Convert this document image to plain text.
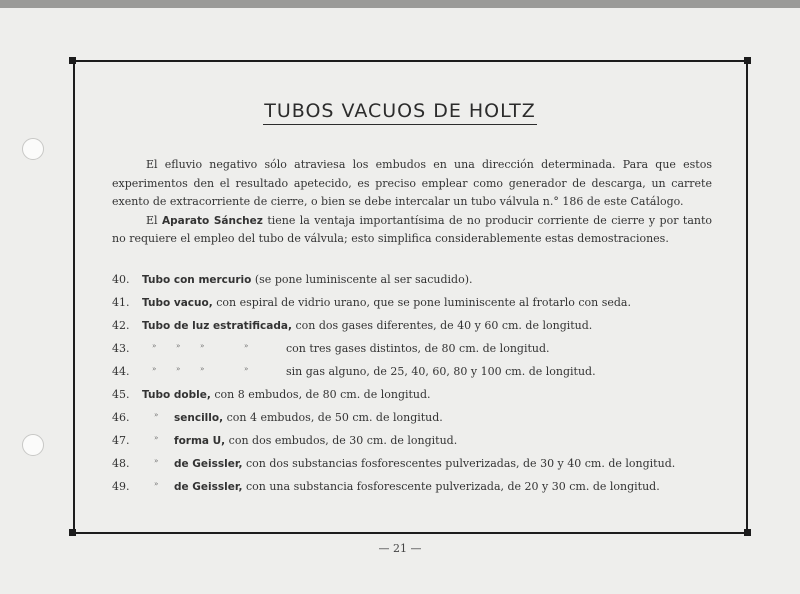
TUBOS VACUOS DE HOLTZ

El efluvio negativo sólo atraviesa los embudos en una dirección determinada. Para que estos experimentos den el resultado apetecido, es preciso emplear como generador de descarga, un carrete exento de extracorriente de cierre, o bien se debe intercalar un tubo válvula n.° 186 de este Catálogo.

El Aparato Sánchez tiene la ventaja importantísima de no producir corriente de cierre y por tanto no requiere el empleo del tubo de válvula; esto simplifica considerablemente estas demostraciones.

40. Tubo con mercurio (se pone luminiscente al ser sacudido).
41. Tubo vacuo, con espiral de vidrio urano, que se pone luminiscente al frotarlo con seda.
42. Tubo de luz estratificada, con dos gases diferentes, de 40 y 60 cm. de longitud.
43.	»	»	»	»	con tres gases distintos, de 80 cm. de longitud.
44.	»	»	»	»	sin gas alguno, de 25, 40, 60, 80 y 100 cm. de longitud.
45. Tubo doble, con 8 embudos, de 80 cm. de longitud.
46.	» sencillo, con 4 embudos, de 50 cm. de longitud.
47.	» forma U, con dos embudos, de 30 cm. de longitud.
48.	» de Geissler, con dos substancias fosforescentes pulverizadas, de 30 y 40 cm. de longitud.
49.	» de Geissler, con una substancia fosforescente pulverizada, de 20 y 30 cm. de longitud.
— 21 —
